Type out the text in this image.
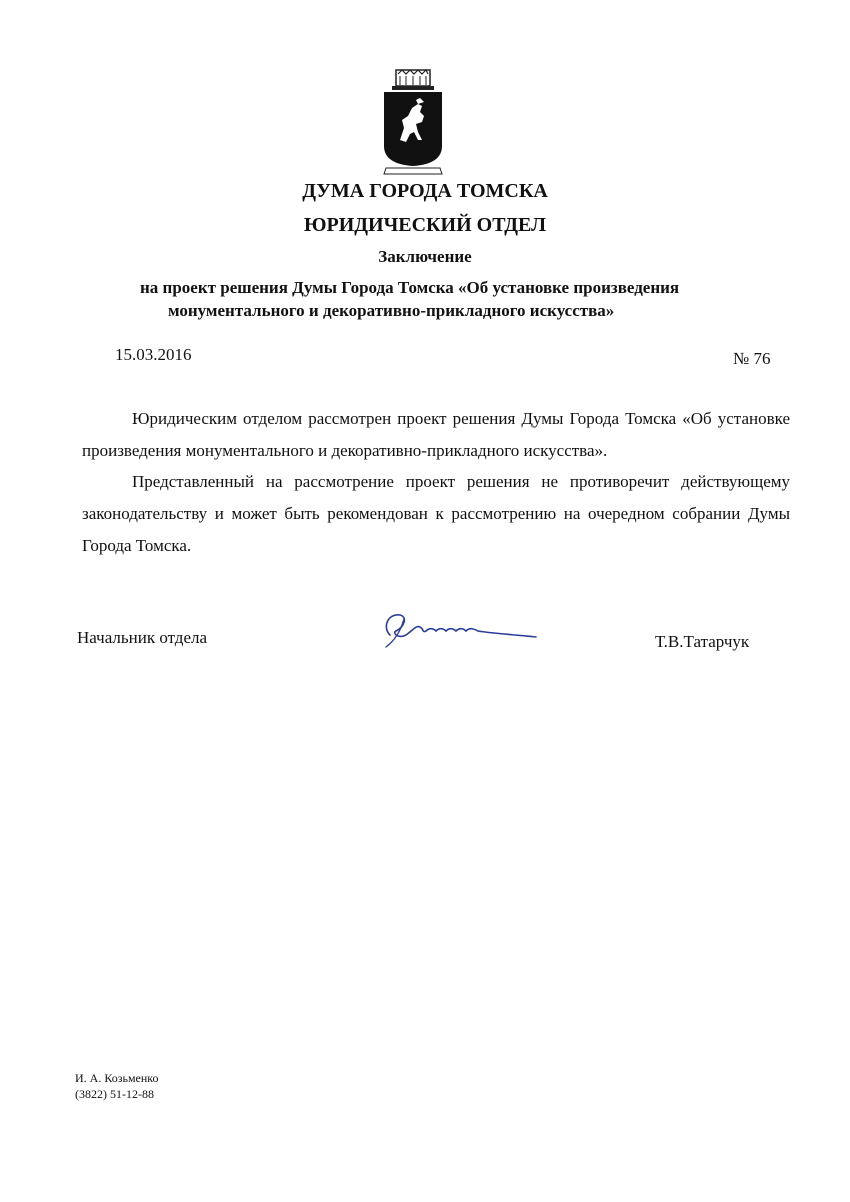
ДУМА ГОРОДА ТОМСКА
ЮРИДИЧЕСКИЙ ОТДЕЛ
Заключение
на проект решения Думы Города Томска «Об установке произведения
монументального и декоративно-прикладного искусства»
15.03.2016	№ 76
Юридическим отделом рассмотрен проект решения Думы Города Томска «Об установке произведения монументального и декоративно-прикладного искусства».
Представленный на рассмотрение проект решения не противоречит действующему законодательству и может быть рекомендован к рассмотрению на очередном собрании Думы Города Томска.
Начальник отдела	Т.В.Татарчук
И. А. Козьменко
(3822) 51-12-88
